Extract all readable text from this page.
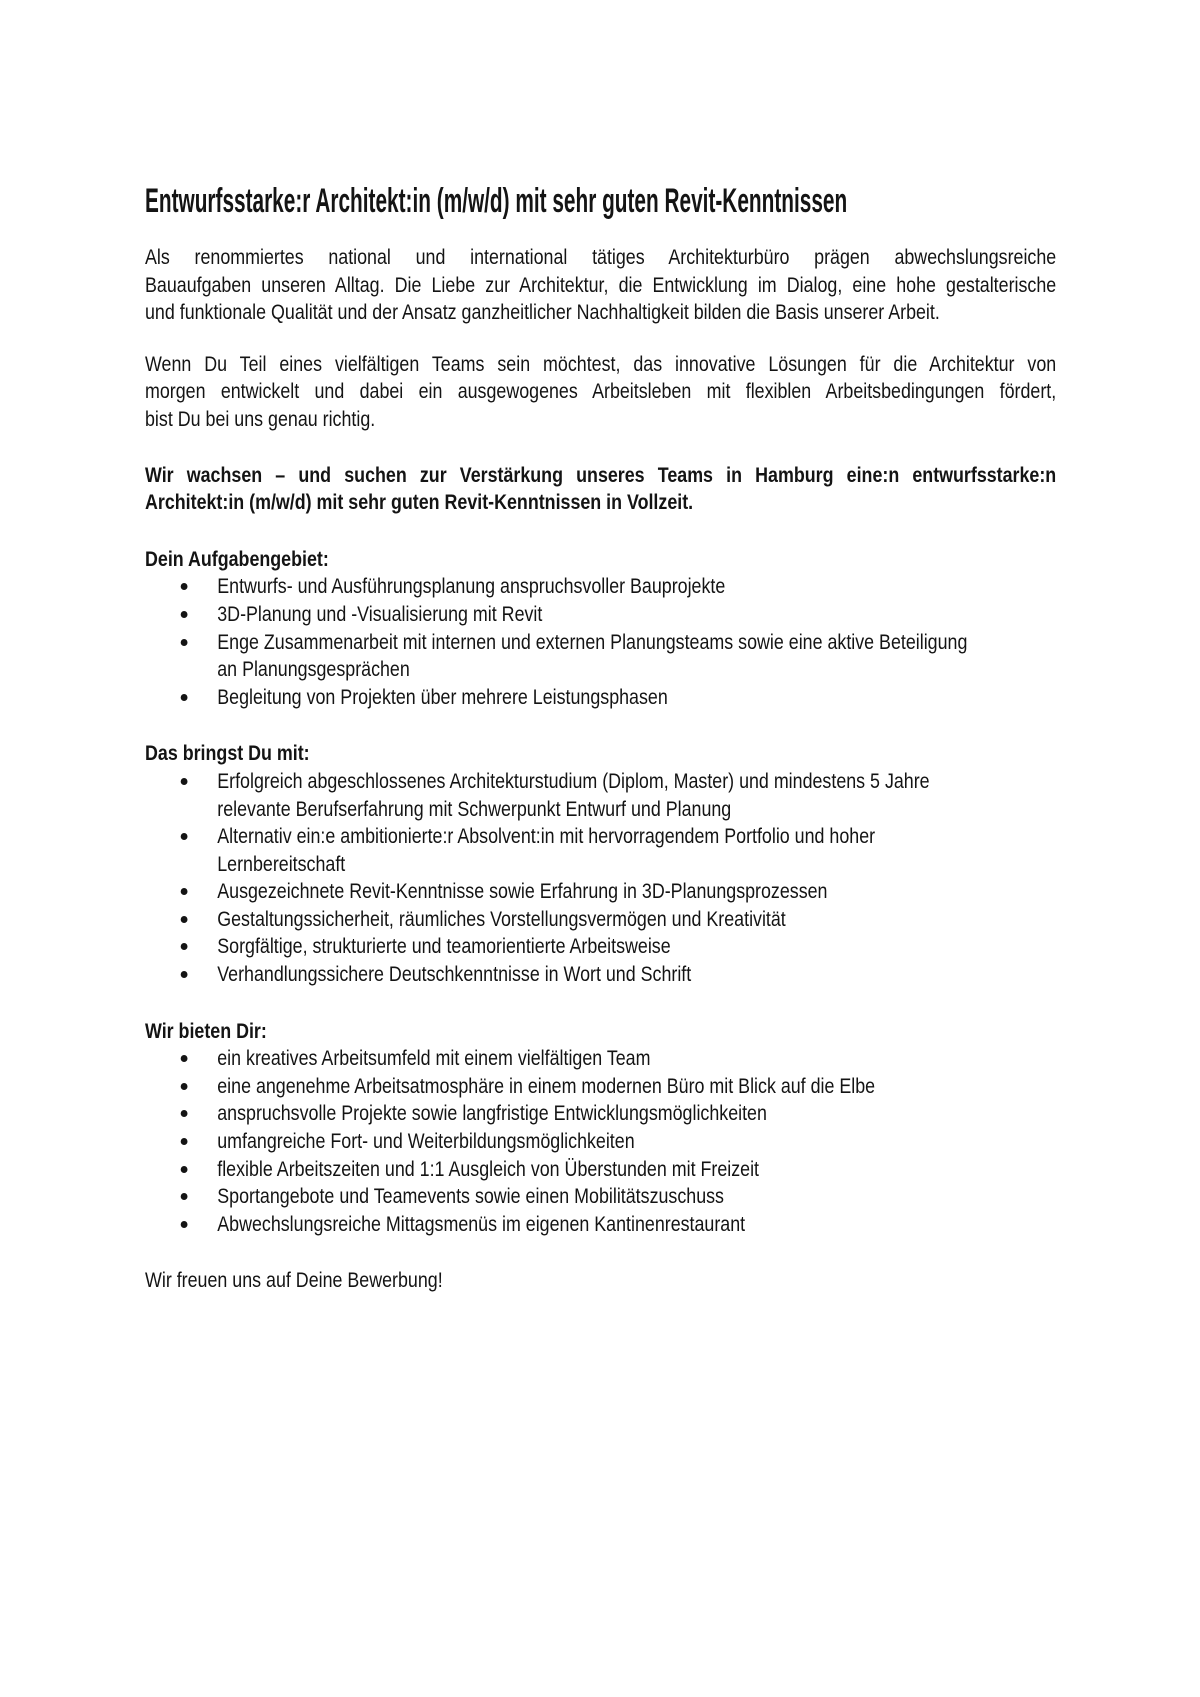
Entwurfsstarke:r Architekt:in (m/w/d) mit sehr guten Revit-Kenntnissen
Als renommiertes national und international tätiges Architekturbüro prägen abwechslungsreiche
Bauaufgaben unseren Alltag. Die Liebe zur Architektur, die Entwicklung im Dialog, eine hohe gestalterische
und funktionale Qualität und der Ansatz ganzheitlicher Nachhaltigkeit bilden die Basis unserer Arbeit.
Wenn Du Teil eines vielfältigen Teams sein möchtest, das innovative Lösungen für die Architektur von
morgen entwickelt und dabei ein ausgewogenes Arbeitsleben mit flexiblen Arbeitsbedingungen fördert,
bist Du bei uns genau richtig.
Wir wachsen – und suchen zur Verstärkung unseres Teams in Hamburg eine:n entwurfsstarke:n
Architekt:in (m/w/d) mit sehr guten Revit-Kenntnissen in Vollzeit.
Dein Aufgabengebiet:
Entwurfs- und Ausführungsplanung anspruchsvoller Bauprojekte
3D-Planung und -Visualisierung mit Revit
Enge Zusammenarbeit mit internen und externen Planungsteams sowie eine aktive Beteiligung
an Planungsgesprächen
Begleitung von Projekten über mehrere Leistungsphasen
Das bringst Du mit:
Erfolgreich abgeschlossenes Architekturstudium (Diplom, Master) und mindestens 5 Jahre
relevante Berufserfahrung mit Schwerpunkt Entwurf und Planung
Alternativ ein:e ambitionierte:r Absolvent:in mit hervorragendem Portfolio und hoher
Lernbereitschaft
Ausgezeichnete Revit-Kenntnisse sowie Erfahrung in 3D-Planungsprozessen
Gestaltungssicherheit, räumliches Vorstellungsvermögen und Kreativität
Sorgfältige, strukturierte und teamorientierte Arbeitsweise
Verhandlungssichere Deutschkenntnisse in Wort und Schrift
Wir bieten Dir:
ein kreatives Arbeitsumfeld mit einem vielfältigen Team
eine angenehme Arbeitsatmosphäre in einem modernen Büro mit Blick auf die Elbe
anspruchsvolle Projekte sowie langfristige Entwicklungsmöglichkeiten
umfangreiche Fort- und Weiterbildungsmöglichkeiten
flexible Arbeitszeiten und 1:1 Ausgleich von Überstunden mit Freizeit
Sportangebote und Teamevents sowie einen Mobilitätszuschuss
Abwechslungsreiche Mittagsmenüs im eigenen Kantinenrestaurant

Wir freuen uns auf Deine Bewerbung!
